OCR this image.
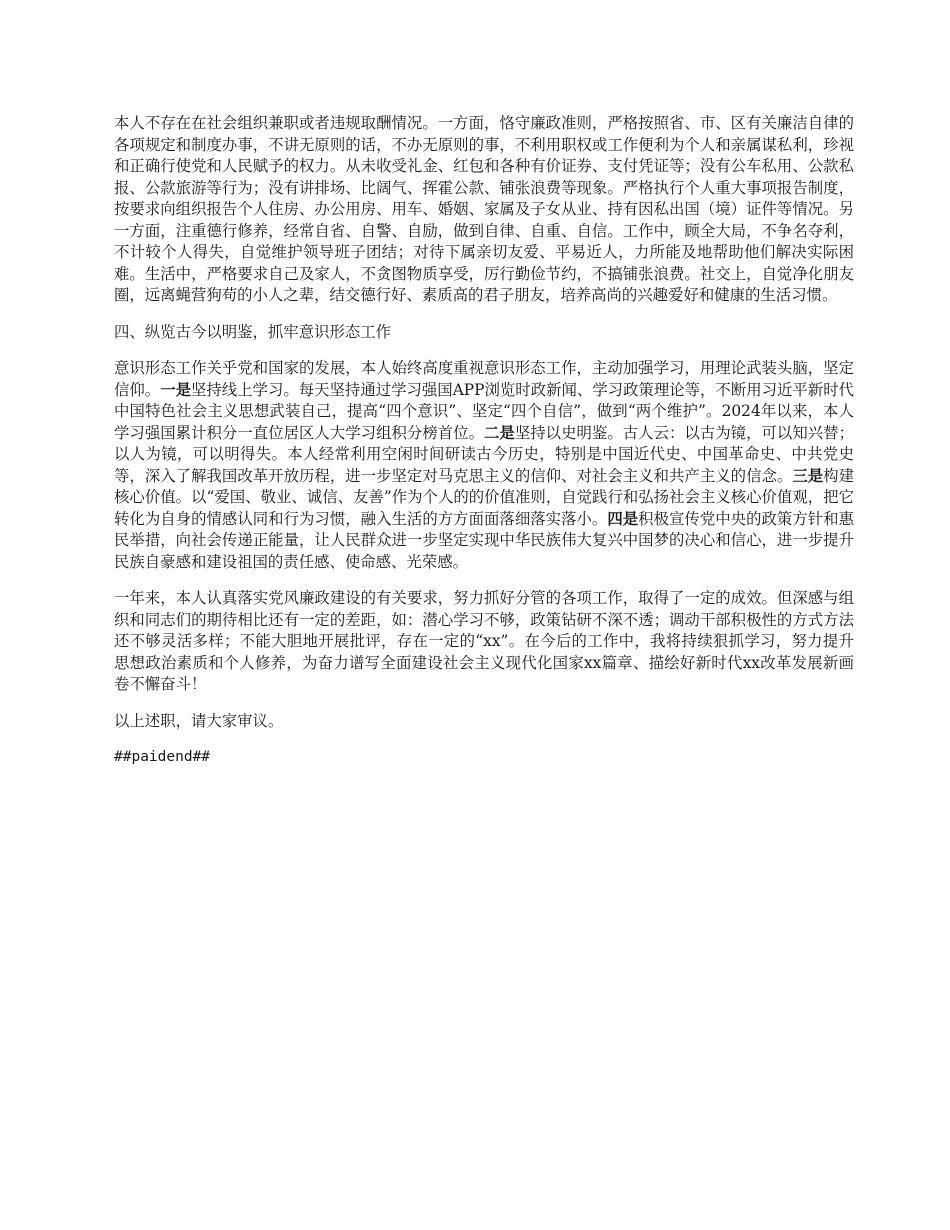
本人不存在在社会组织兼职或者违规取酬情况。一方面，恪守廉政准则，严格按照省、市、区有关廉洁自律的各项规定和制度办事，不讲无原则的话，不办无原则的事，不利用职权或工作便利为个人和亲属谋私利，珍视和正确行使党和人民赋予的权力。从未收受礼金、红包和各种有价证券、支付凭证等；没有公车私用、公款私报、公款旅游等行为；没有讲排场、比阔气、挥霍公款、铺张浪费等现象。严格执行个人重大事项报告制度，按要求向组织报告个人住房、办公用房、用车、婚姻、家属及子女从业、持有因私出国（境）证件等情况。另一方面，注重德行修养，经常自省、自警、自励，做到自律、自重、自信。工作中，顾全大局，不争名夺利，不计较个人得失，自觉维护领导班子团结；对待下属亲切友爱、平易近人，力所能及地帮助他们解决实际困难。生活中，严格要求自己及家人，不贪图物质享受，厉行勤俭节约，不搞铺张浪费。社交上，自觉净化朋友圈，远离蝇营狗苟的小人之辈，结交德行好、素质高的君子朋友，培养高尚的兴趣爱好和健康的生活习惯。

四、纵览古今以明鉴，抓牢意识形态工作

意识形态工作关乎党和国家的发展，本人始终高度重视意识形态工作，主动加强学习，用理论武装头脑，坚定信仰。一是坚持线上学习。每天坚持通过学习强国APP浏览时政新闻、学习政策理论等，不断用习近平新时代中国特色社会主义思想武装自己，提高“四个意识”、坚定“四个自信”，做到“两个维护”。2024年以来，本人学习强国累计积分一直位居区人大学习组积分榜首位。二是坚持以史明鉴。古人云：以古为镜，可以知兴替；以人为镜，可以明得失。本人经常利用空闲时间研读古今历史，特别是中国近代史、中国革命史、中共党史等，深入了解我国改革开放历程，进一步坚定对马克思主义的信仰、对社会主义和共产主义的信念。三是构建核心价值。以“爱国、敬业、诚信、友善”作为个人的的价值准则，自觉践行和弘扬社会主义核心价值观，把它转化为自身的情感认同和行为习惯，融入生活的方方面面落细落实落小。四是积极宣传党中央的政策方针和惠民举措，向社会传递正能量，让人民群众进一步坚定实现中华民族伟大复兴中国梦的决心和信心，进一步提升民族自豪感和建设祖国的责任感、使命感、光荣感。

一年来，本人认真落实党风廉政建设的有关要求，努力抓好分管的各项工作，取得了一定的成效。但深感与组织和同志们的期待相比还有一定的差距，如：潜心学习不够，政策钻研不深不透；调动干部积极性的方式方法还不够灵活多样；不能大胆地开展批评，存在一定的“xx”。在今后的工作中，我将持续狠抓学习，努力提升思想政治素质和个人修养，为奋力谱写全面建设社会主义现代化国家xx篇章、描绘好新时代xx改革发展新画卷不懈奋斗！

以上述职，请大家审议。

##paidend##
